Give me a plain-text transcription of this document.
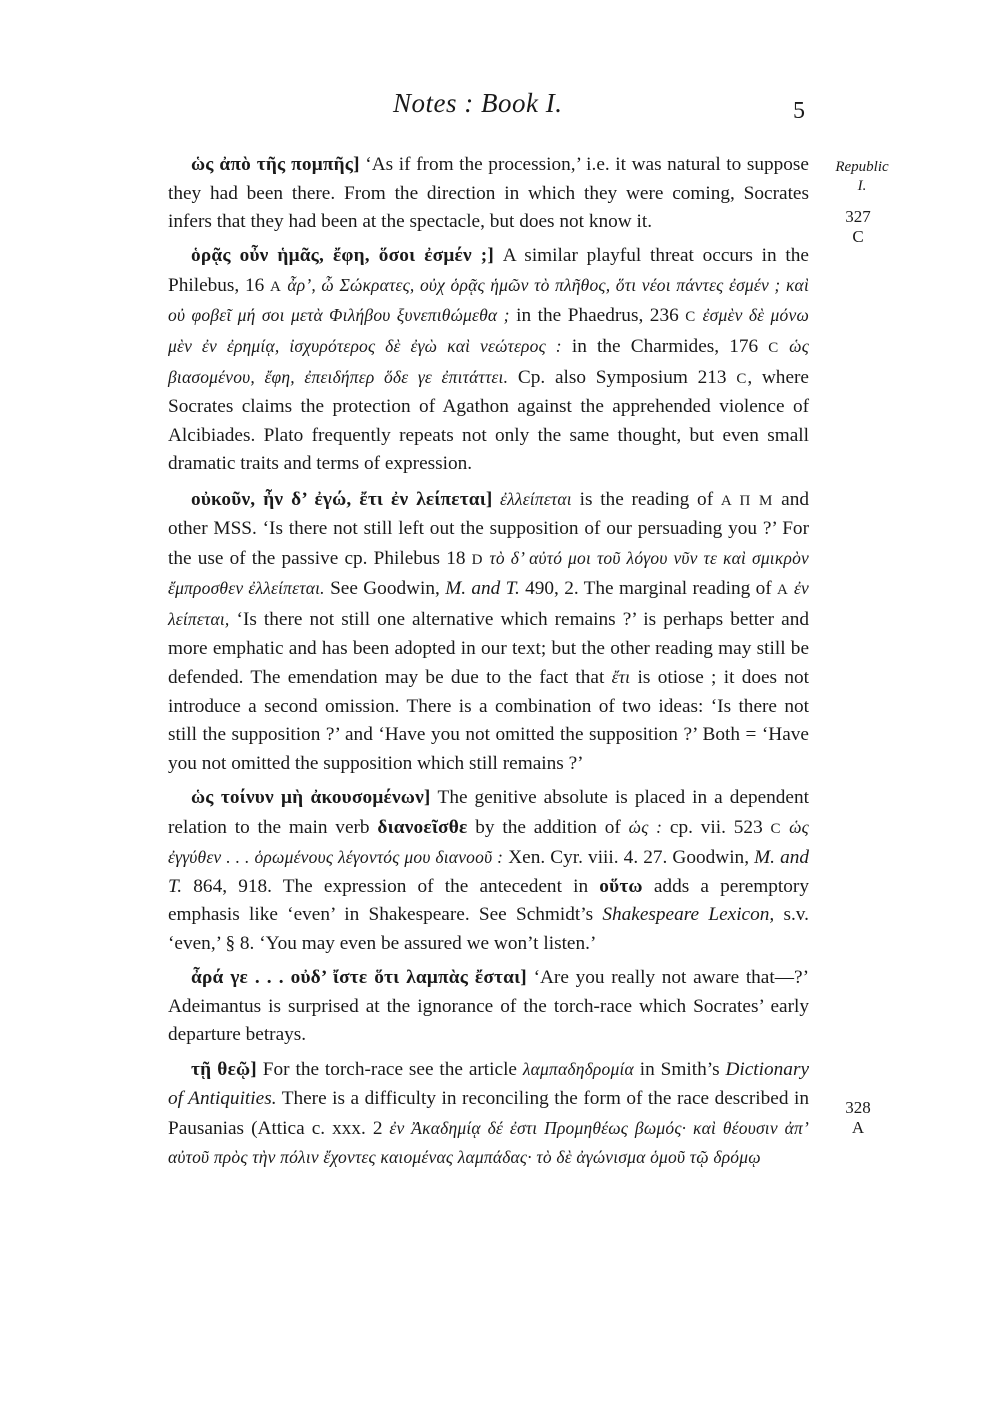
Notes : Book I.	5
Republic
I.
327
C
328
A

ὡς ἀπὸ τῆς πομπῆς] ‘As if from the procession,’ i.e. it was natural to suppose they had been there. From the direction in which they were coming, Socrates infers that they had been at the spectacle, but does not know it.

ὁρᾷς οὖν ἡμᾶς, ἔφη, ὅσοι ἐσμέν ;] A similar playful threat occurs in the Philebus, 16 A ἆρ’, ὦ Σώκρατες, οὐχ ὁρᾷς ἡμῶν τὸ πλῆθος, ὅτι νέοι πάντες ἐσμέν ; καὶ οὐ φοβεῖ μή σοι μετὰ Φιλήβου ξυνεπιθώμεθα ; in the Phaedrus, 236 C ἐσμὲν δὲ μόνω μὲν ἐν ἐρημίᾳ, ἰσχυρότερος δὲ ἐγὼ καὶ νεώτερος : in the Charmides, 176 C ὡς βιασομένου, ἔφη, ἐπειδήπερ ὅδε γε ἐπιτάττει. Cp. also Symposium 213 C, where Socrates claims the protection of Agathon against the apprehended violence of Alcibiades. Plato frequently repeats not only the same thought, but even small dramatic traits and terms of expression.

οὐκοῦν, ἦν δ’ ἐγώ, ἔτι ἐν λείπεται] ἐλλείπεται is the reading of A Π M and other MSS. ‘Is there not still left out the supposition of our persuading you ?’ For the use of the passive cp. Philebus 18 D τὸ δ’ αὐτό μοι τοῦ λόγου νῦν τε καὶ σμικρὸν ἔμπροσθεν ἐλλείπεται. See Goodwin, M. and T. 490, 2. The marginal reading of A ἐν λείπεται, ‘Is there not still one alternative which remains ?’ is perhaps better and more emphatic and has been adopted in our text; but the other reading may still be defended. The emendation may be due to the fact that ἔτι is otiose ; it does not introduce a second omission. There is a combination of two ideas: ‘Is there not still the supposition ?’ and ‘Have you not omitted the supposition ?’ Both = ‘Have you not omitted the supposition which still remains ?’

ὡς τοίνυν μὴ ἀκουσομένων] The genitive absolute is placed in a dependent relation to the main verb διανοεῖσθε by the addition of ὡς : cp. vii. 523 C ὡς ἐγγύθεν . . . ὁρωμένους λέγοντός μου διανοοῦ : Xen. Cyr. viii. 4. 27. Goodwin, M. and T. 864, 918. The expression of the antecedent in οὕτω adds a peremptory emphasis like ‘even’ in Shakespeare. See Schmidt’s Shakespeare Lexicon, s.v. ‘even,’ § 8. ‘You may even be assured we won’t listen.’

ἆρά γε . . . οὐδ’ ἴστε ὅτι λαμπὰς ἔσται] ‘Are you really not aware that—?’ Adeimantus is surprised at the ignorance of the torch-race which Socrates’ early departure betrays.

τῇ θεῷ] For the torch-race see the article λαμπαδηδρομία in Smith’s Dictionary of Antiquities. There is a difficulty in reconciling the form of the race described in Pausanias (Attica c. xxx. 2 ἐν Ἀκαδημίᾳ δέ ἐστι Προμηθέως βωμός· καὶ θέουσιν ἀπ’ αὐτοῦ πρὸς τὴν πόλιν ἔχοντες καιομένας λαμπάδας· τὸ δὲ ἀγώνισμα ὁμοῦ τῷ δρόμῳ
